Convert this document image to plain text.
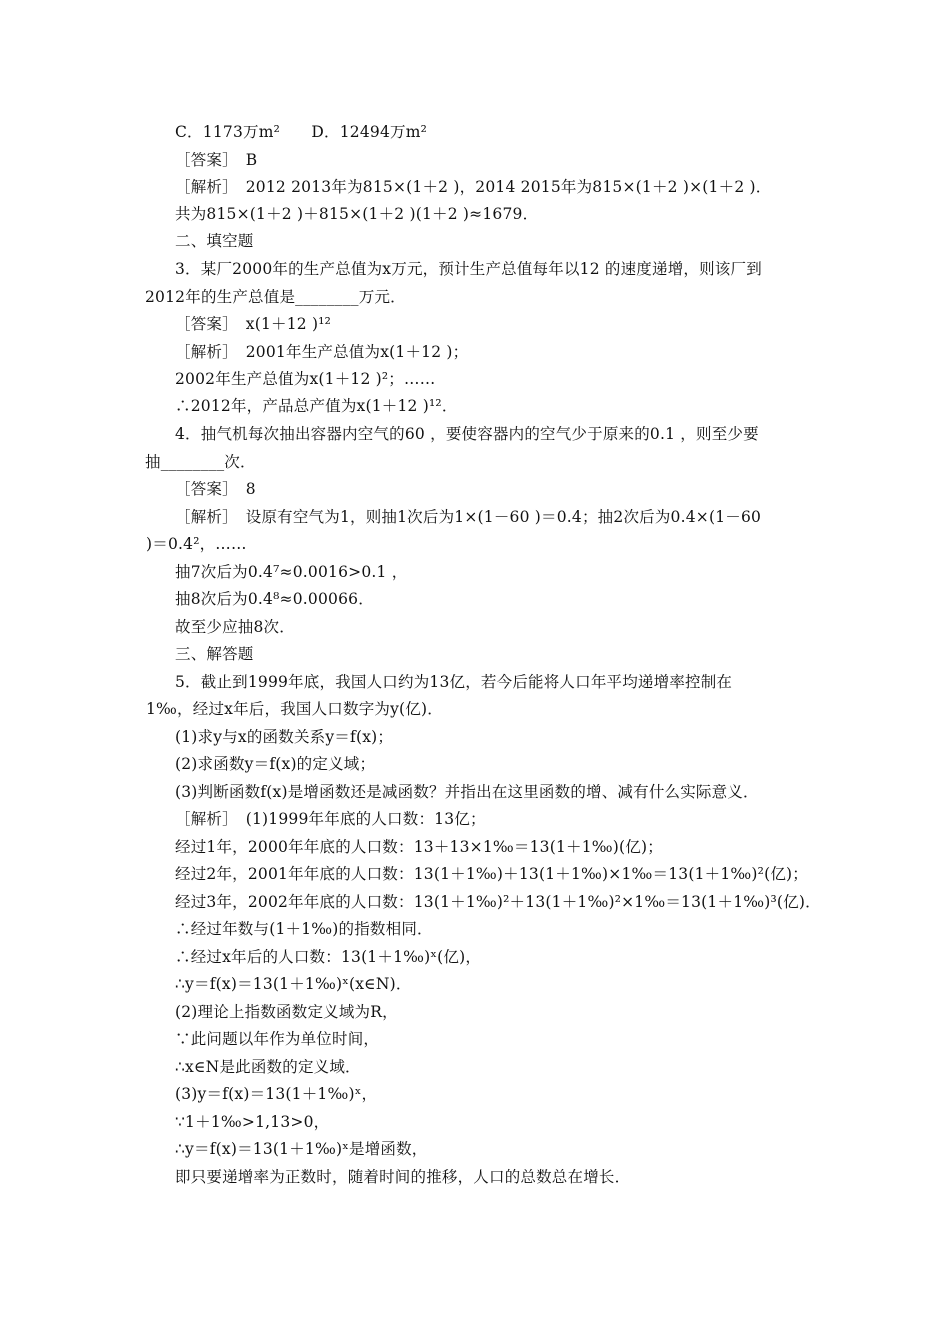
C．1173万m²　　D．12494万m²
［答案］　B
［解析］　2012 2013年为815×(1＋2 )，2014 2015年为815×(1＋2 )×(1＋2 )．
共为815×(1＋2 )＋815×(1＋2 )(1＋2 )≈1679．
二、填空题
3．某厂2000年的生产总值为x万元，预计生产总值每年以12 的速度递增，则该厂到
2012年的生产总值是________万元．
［答案］　x(1＋12 )¹²
［解析］　2001年生产总值为x(1＋12 )；
2002年生产总值为x(1＋12 )²；……
∴2012年，产品总产值为x(1＋12 )¹²．
4．抽气机每次抽出容器内空气的60 ，要使容器内的空气少于原来的0.1 ，则至少要
抽________次．
［答案］　8
［解析］　设原有空气为1，则抽1次后为1×(1－60 )＝0.4；抽2次后为0.4×(1－60
)＝0.4²，……
抽7次后为0.4⁷≈0.0016>0.1 ，
抽8次后为0.4⁸≈0.00066．
故至少应抽8次．
三、解答题
5．截止到1999年底，我国人口约为13亿，若今后能将人口年平均递增率控制在
1‰，经过x年后，我国人口数字为y(亿)．
(1)求y与x的函数关系y＝f(x)；
(2)求函数y＝f(x)的定义域；
(3)判断函数f(x)是增函数还是减函数？并指出在这里函数的增、减有什么实际意义．
［解析］　(1)1999年年底的人口数：13亿；
经过1年，2000年年底的人口数：13＋13×1‰＝13(1＋1‰)(亿)；
经过2年，2001年年底的人口数：13(1＋1‰)＋13(1＋1‰)×1‰＝13(1＋1‰)²(亿)；
经过3年，2002年年底的人口数：13(1＋1‰)²＋13(1＋1‰)²×1‰＝13(1＋1‰)³(亿)．
∴经过年数与(1＋1‰)的指数相同．
∴经过x年后的人口数：13(1＋1‰)ˣ(亿)，
∴y＝f(x)＝13(1＋1‰)ˣ(x∈N)．
(2)理论上指数函数定义域为R，
∵此问题以年作为单位时间，
∴x∈N是此函数的定义域．
(3)y＝f(x)＝13(1＋1‰)ˣ，
∵1＋1‰>1,13>0，
∴y＝f(x)＝13(1＋1‰)ˣ是增函数，
即只要递增率为正数时，随着时间的推移，人口的总数总在增长．
